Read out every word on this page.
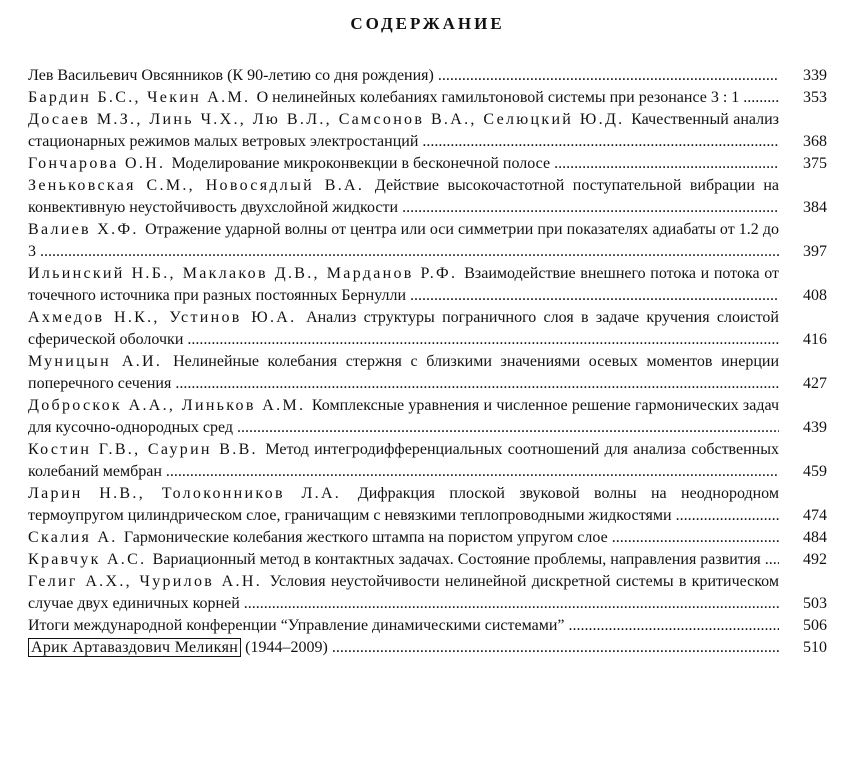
СОДЕРЖАНИЕ
Лев Васильевич Овсянников (К 90-летию со дня рождения) .....	339
Бардин Б.С., Чекин А.М. О нелинейных колебаниях гамильтоновой системы при резонансе 3 : 1 .....	353
Досаев М.З., Линь Ч.Х., Лю В.Л., Самсонов В.А., Селюцкий Ю.Д. Качественный анализ стационарных режимов малых ветровых электростанций .....	368
Гончарова О.Н. Моделирование микроконвекции в бесконечной полосе .....	375
Зеньковская С.М., Новосядлый В.А. Действие высокочастотной поступательной вибрации на конвективную неустойчивость двухслойной жидкости .....	384
Валиев Х.Ф. Отражение ударной волны от центра или оси симметрии при показателях адиабаты от 1.2 до 3 .....	397
Ильинский Н.Б., Маклаков Д.В., Марданов Р.Ф. Взаимодействие внешнего потока и потока от точечного источника при разных постоянных Бернулли .....	408
Ахмедов Н.К., Устинов Ю.А. Анализ структуры пограничного слоя в задаче кручения слоистой сферической оболочки .....	416
Муницын А.И. Нелинейные колебания стержня с близкими значениями осевых моментов инерции поперечного сечения .....	427
Доброскок А.А., Линьков А.М. Комплексные уравнения и численное решение гармонических задач для кусочно-однородных сред .....	439
Костин Г.В., Саурин В.В. Метод интегродифференциальных соотношений для анализа собственных колебаний мембран .....	459
Ларин Н.В., Толоконников Л.А. Дифракция плоской звуковой волны на неоднородном термоупругом цилиндрическом слое, граничащим с невязкими теплопроводными жидкостями .....	474
Скалия А. Гармонические колебания жесткого штампа на пористом упругом слое .....	484
Кравчук А.С. Вариационный метод в контактных задачах. Состояние проблемы, направления развития .....	492
Гелиг А.Х., Чурилов А.Н. Условия неустойчивости нелинейной дискретной системы в критическом случае двух единичных корней .....	503
Итоги международной конференции “Управление динамическими системами” .....	506
Арик Артаваздович Меликян (1944–2009) .....	510
